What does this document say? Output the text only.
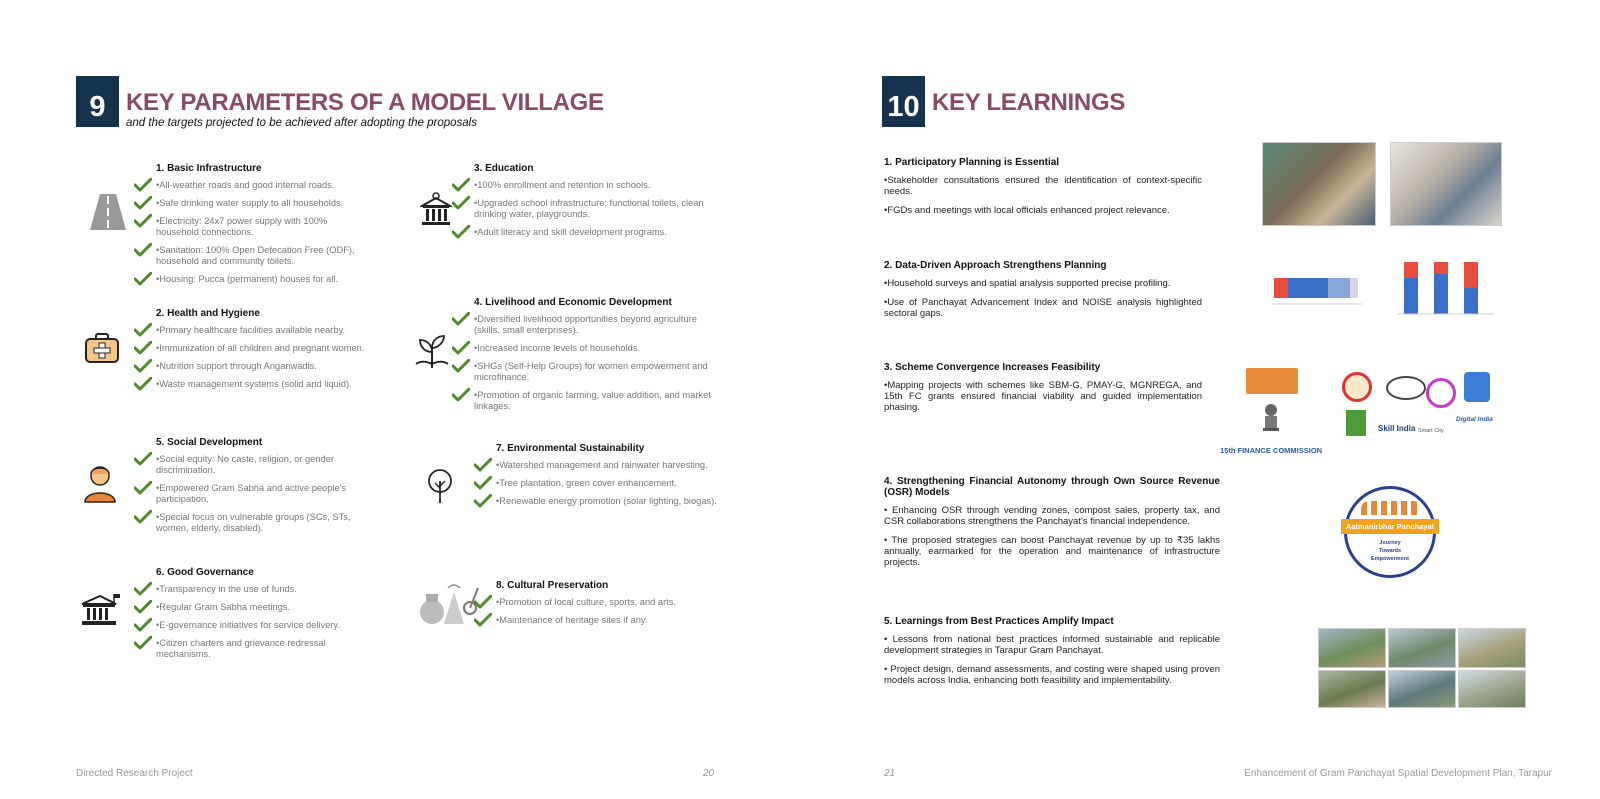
9 KEY PARAMETERS OF A MODEL VILLAGE
and the targets projected to be achieved after adopting the proposals
1. Basic Infrastructure
•All-weather roads and good internal roads.
•Safe drinking water supply to all households.
•Electricity: 24x7 power supply with 100% household connections.
•Sanitation: 100% Open Defecation Free (ODF), household and community toilets.
•Housing: Pucca (permanent) houses for all.
2. Health and Hygiene
•Primary healthcare facilities available nearby.
•Immunization of all children and pregnant women.
•Nutrition support through Anganwadis.
•Waste management systems (solid and liquid).
3. Education
•100% enrollment and retention in schools.
•Upgraded school infrastructure: functional toilets, clean drinking water, playgrounds.
•Adult literacy and skill development programs.
4. Livelihood and Economic Development
•Diversified livelihood opportunities beyond agriculture (skills, small enterprises).
•Increased income levels of households.
•SHGs (Self-Help Groups) for women empowerment and microfinance.
•Promotion of organic farming, value addition, and market linkages.
5. Social Development
•Social equity: No caste, religion, or gender discrimination.
•Empowered Gram Sabha and active people's participation.
•Special focus on vulnerable groups (SCs, STs, women, elderly, disabled).
7. Environmental Sustainability
•Watershed management and rainwater harvesting.
•Tree plantation, green cover enhancement.
•Renewable energy promotion (solar lighting, biogas).
6. Good Governance
•Transparency in the use of funds.
•Regular Gram Sabha meetings.
•E-governance initiatives for service delivery.
•Citizen charters and grievance redressal mechanisms.
8. Cultural Preservation
•Promotion of local culture, sports, and arts.
•Maintenance of heritage sites if any.
Directed Research Project	20
10 KEY LEARNINGS
1. Participatory Planning is Essential

•Stakeholder consultations ensured the identification of context-specific needs.

•FGDs and meetings with local officials enhanced project relevance.

2. Data-Driven Approach Strengthens Planning

•Household surveys and spatial analysis supported precise profiling.

•Use of Panchayat Advancement Index and NOISE analysis highlighted sectoral gaps.

3. Scheme Convergence Increases Feasibility

•Mapping projects with schemes like SBM-G, PMAY-G, MGNREGA, and 15th FC grants ensured financial viability and guided implementation phasing.

4. Strengthening Financial Autonomy through Own Source Revenue (OSR) Models

• Enhancing OSR through vending zones, compost sales, property tax, and CSR collaborations strengthens the Panchayat's financial independence.

• The proposed strategies can boost Panchayat revenue by up to ₹35 lakhs annually, earmarked for the operation and maintenance of infrastructure projects.

5. Learnings from Best Practices Amplify Impact

• Lessons from national best practices informed sustainable and replicable development strategies in Tarapur Gram Panchayat.

• Project design, demand assessments, and costing were shaped using proven models across India, enhancing both feasibility and implementability.

15th FINANCE COMMISSION
Skill India Smart City
Digital India
Aatmanirbhar Panchayat
Journey
Towards
Empowerment
21	Enhancement of Gram Panchayat Spatial Development Plan, Tarapur
